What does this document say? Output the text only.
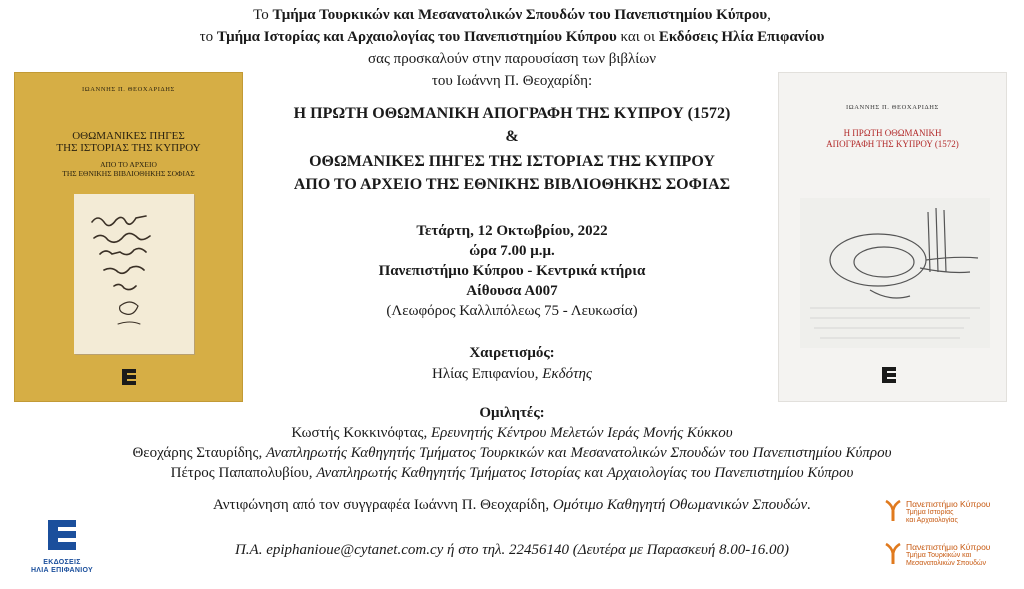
Το Τμήμα Τουρκικών και Μεσανατολικών Σπουδών του Πανεπιστημίου Κύπρου,
το Τμήμα Ιστορίας και Αρχαιολογίας του Πανεπιστημίου Κύπρου και οι Εκδόσεις Ηλία Επιφανίου
σας προσκαλούν στην παρουσίαση των βιβλίων
του Ιωάννη Π. Θεοχαρίδη:
Η ΠΡΩΤΗ ΟΘΩΜΑΝΙΚΗ ΑΠΟΓΡΑΦΗ ΤΗΣ ΚΥΠΡΟΥ (1572)
&
ΟΘΩΜΑΝΙΚΕΣ ΠΗΓΕΣ ΤΗΣ ΙΣΤΟΡΙΑΣ ΤΗΣ ΚΥΠΡΟΥ
ΑΠΟ ΤΟ ΑΡΧΕΙΟ ΤΗΣ ΕΘΝΙΚΗΣ ΒΙΒΛΙΟΘΗΚΗΣ ΣΟΦΙΑΣ
Τετάρτη, 12 Οκτωβρίου, 2022
ώρα 7.00 μ.μ.
Πανεπιστήμιο Κύπρου - Κεντρικά κτήρια
Αίθουσα Α007
(Λεωφόρος Καλλιπόλεως 75 - Λευκωσία)
Χαιρετισμός:
Ηλίας Επιφανίου, Εκδότης
Ομιλητές:
Κωστής Κοκκινόφτας, Ερευνητής Κέντρου Μελετών Ιεράς Μονής Κύκκου
Θεοχάρης Σταυρίδης, Αναπληρωτής Καθηγητής Τμήματος Τουρκικών και Μεσανατολικών Σπουδών του Πανεπιστημίου Κύπρου
Πέτρος Παπαπολυβίου, Αναπληρωτής Καθηγητής Τμήματος Ιστορίας και Αρχαιολογίας του Πανεπιστημίου Κύπρου
Αντιφώνηση από τον συγγραφέα Ιωάννη Π. Θεοχαρίδη, Ομότιμο Καθηγητή Οθωμανικών Σπουδών.
Π.Α. epiphanioue@cytanet.com.cy ή στο τηλ. 22456140 (Δευτέρα με Παρασκευή 8.00-16.00)
ΙΩΑΝΝΗΣ Π. ΘΕΟΧΑΡΙΔΗΣ
ΟΘΩΜΑΝΙΚΕΣ ΠΗΓΕΣ
ΤΗΣ ΙΣΤΟΡΙΑΣ ΤΗΣ ΚΥΠΡΟΥ
ΑΠΟ ΤΟ ΑΡΧΕΙΟ
ΤΗΣ ΕΘΝΙΚΗΣ ΒΙΒΛΙΟΘΗΚΗΣ ΣΟΦΙΑΣ
ΙΩΑΝΝΗΣ Π. ΘΕΟΧΑΡΙΔΗΣ
Η ΠΡΩΤΗ ΟΘΩΜΑΝΙΚΗ
ΑΠΟΓΡΑΦΗ ΤΗΣ ΚΥΠΡΟΥ (1572)
ΕΚΔΟΣΕΙΣ
ΗΛΙΑ ΕΠΙΦΑΝΙΟΥ
Πανεπιστήμιο Κύπρου
Τμήμα Ιστορίας
και Αρχαιολογίας
Πανεπιστήμιο Κύπρου
Τμήμα Τουρκικών και
Μεσανατολικών Σπουδών
